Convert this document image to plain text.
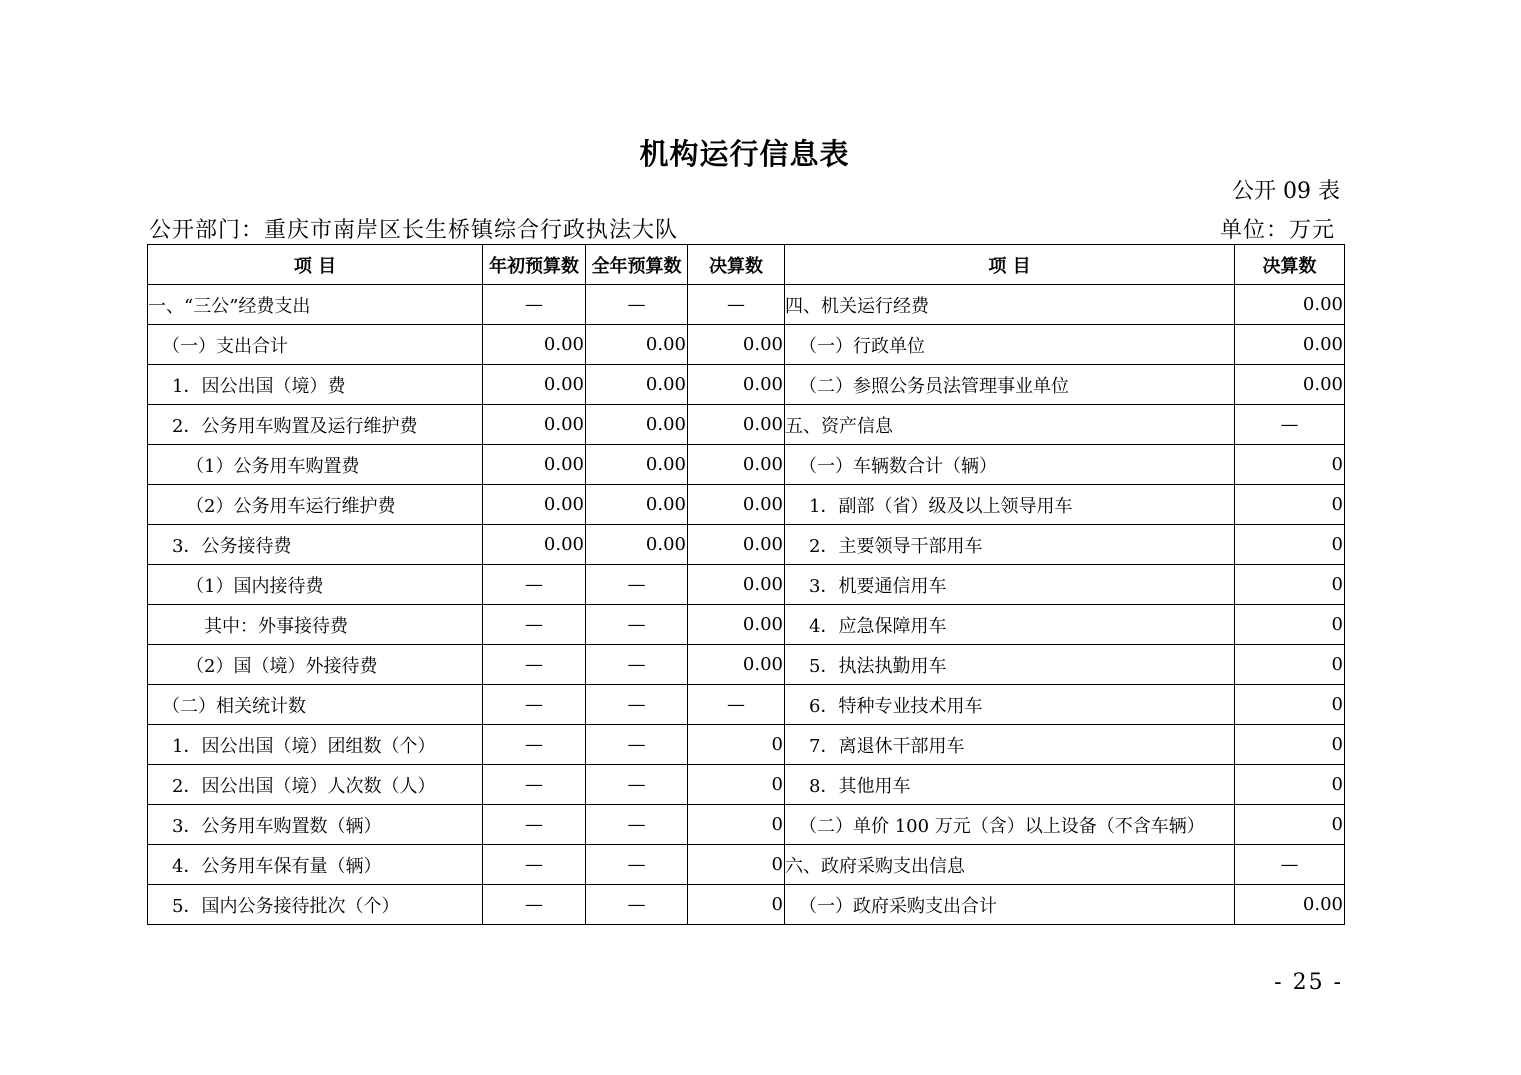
机构运行信息表
公开 09 表
公开部门：重庆市南岸区长生桥镇综合行政执法大队	单位：万元
项 目	年初预算数	全年预算数	决算数	项 目	决算数
一、“三公”经费支出	—	—	—	四、机关运行经费	0.00
（一）支出合计	0.00	0.00	0.00	（一）行政单位	0.00
1．因公出国（境）费	0.00	0.00	0.00	（二）参照公务员法管理事业单位	0.00
2．公务用车购置及运行维护费	0.00	0.00	0.00	五、资产信息	—
（1）公务用车购置费	0.00	0.00	0.00	（一）车辆数合计（辆）	0
（2）公务用车运行维护费	0.00	0.00	0.00	1．副部（省）级及以上领导用车	0
3．公务接待费	0.00	0.00	0.00	2．主要领导干部用车	0
（1）国内接待费	—	—	0.00	3．机要通信用车	0
其中：外事接待费	—	—	0.00	4．应急保障用车	0
（2）国（境）外接待费	—	—	0.00	5．执法执勤用车	0
（二）相关统计数	—	—	—	6．特种专业技术用车	0
1．因公出国（境）团组数（个）	—	—	0	7．离退休干部用车	0
2．因公出国（境）人次数（人）	—	—	0	8．其他用车	0
3．公务用车购置数（辆）	—	—	0	（二）单价 100 万元（含）以上设备（不含车辆）	0
4．公务用车保有量（辆）	—	—	0	六、政府采购支出信息	—
5．国内公务接待批次（个）	—	—	0	（一）政府采购支出合计	0.00
- 25 -
